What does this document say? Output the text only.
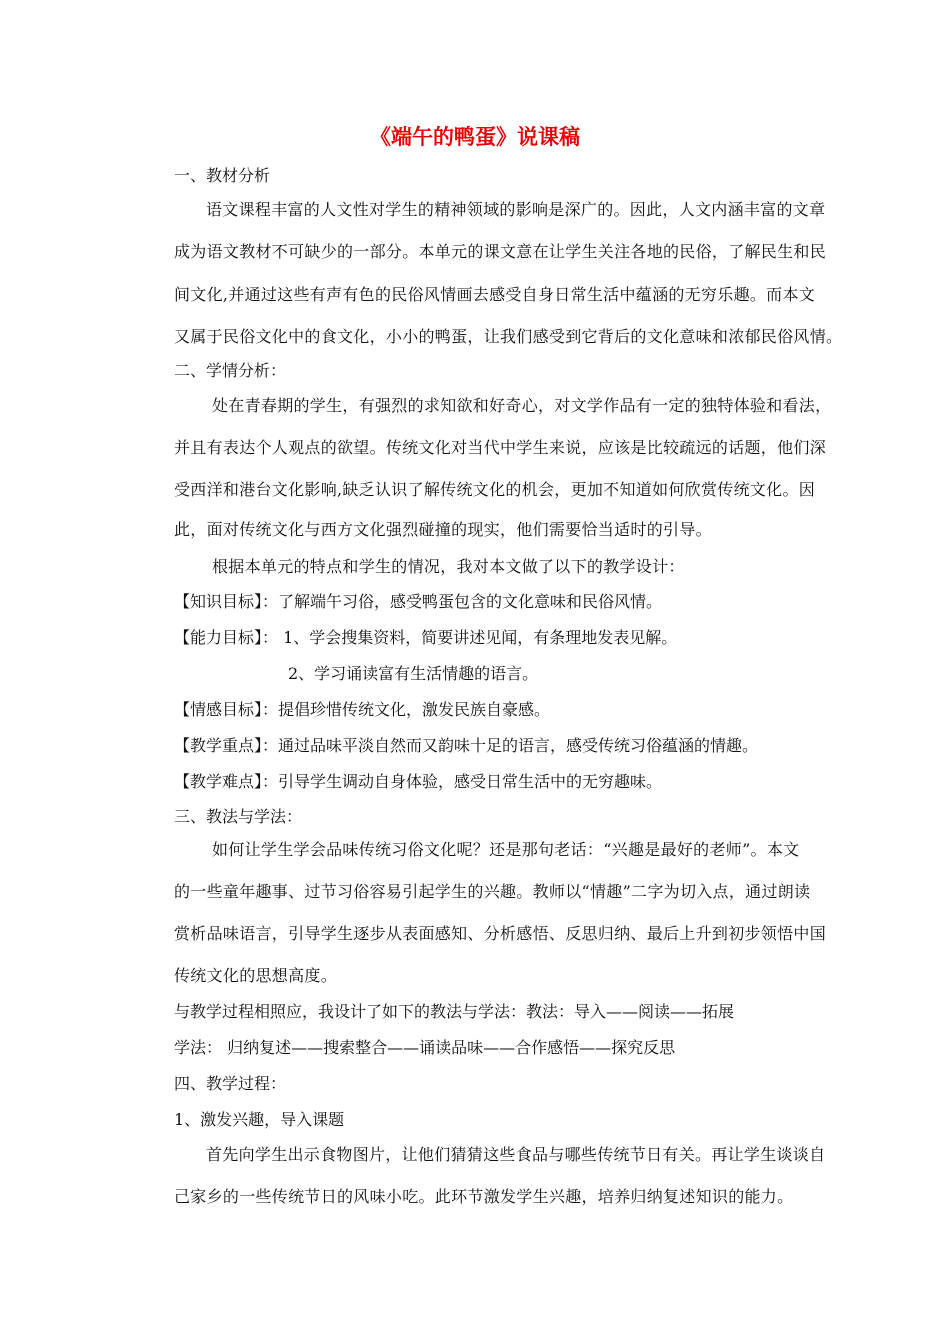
《端午的鸭蛋》说课稿
一、教材分析
语文课程丰富的人文性对学生的精神领域的影响是深广的。因此，人文内涵丰富的文章
成为语文教材不可缺少的一部分。本单元的课文意在让学生关注各地的民俗，了解民生和民
间文化,并通过这些有声有色的民俗风情画去感受自身日常生活中蕴涵的无穷乐趣。而本文
又属于民俗文化中的食文化，小小的鸭蛋，让我们感受到它背后的文化意味和浓郁民俗风情。
二、学情分析：
处在青春期的学生，有强烈的求知欲和好奇心，对文学作品有一定的独特体验和看法，
并且有表达个人观点的欲望。传统文化对当代中学生来说，应该是比较疏远的话题，他们深
受西洋和港台文化影响,缺乏认识了解传统文化的机会，更加不知道如何欣赏传统文化。因
此，面对传统文化与西方文化强烈碰撞的现实，他们需要恰当适时的引导。
根据本单元的特点和学生的情况，我对本文做了以下的教学设计：
【知识目标】：了解端午习俗，感受鸭蛋包含的文化意味和民俗风情。
【能力目标】： 1、学会搜集资料，简要讲述见闻，有条理地发表见解。
2、学习诵读富有生活情趣的语言。
【情感目标】：提倡珍惜传统文化，激发民族自豪感。
【教学重点】：通过品味平淡自然而又韵味十足的语言，感受传统习俗蕴涵的情趣。
【教学难点】：引导学生调动自身体验，感受日常生活中的无穷趣味。
三、教法与学法：
如何让学生学会品味传统习俗文化呢？还是那句老话：“兴趣是最好的老师”。本文
的一些童年趣事、过节习俗容易引起学生的兴趣。教师以“情趣”二字为切入点，通过朗读
赏析品味语言，引导学生逐步从表面感知、分析感悟、反思归纳、最后上升到初步领悟中国
传统文化的思想高度。
与教学过程相照应，我设计了如下的教法与学法：教法：导入——阅读——拓展
学法： 归纳复述——搜索整合——诵读品味——合作感悟——探究反思
四、教学过程：
1、激发兴趣，导入课题
首先向学生出示食物图片，让他们猜猜这些食品与哪些传统节日有关。再让学生谈谈自
己家乡的一些传统节日的风味小吃。此环节激发学生兴趣，培养归纳复述知识的能力。
